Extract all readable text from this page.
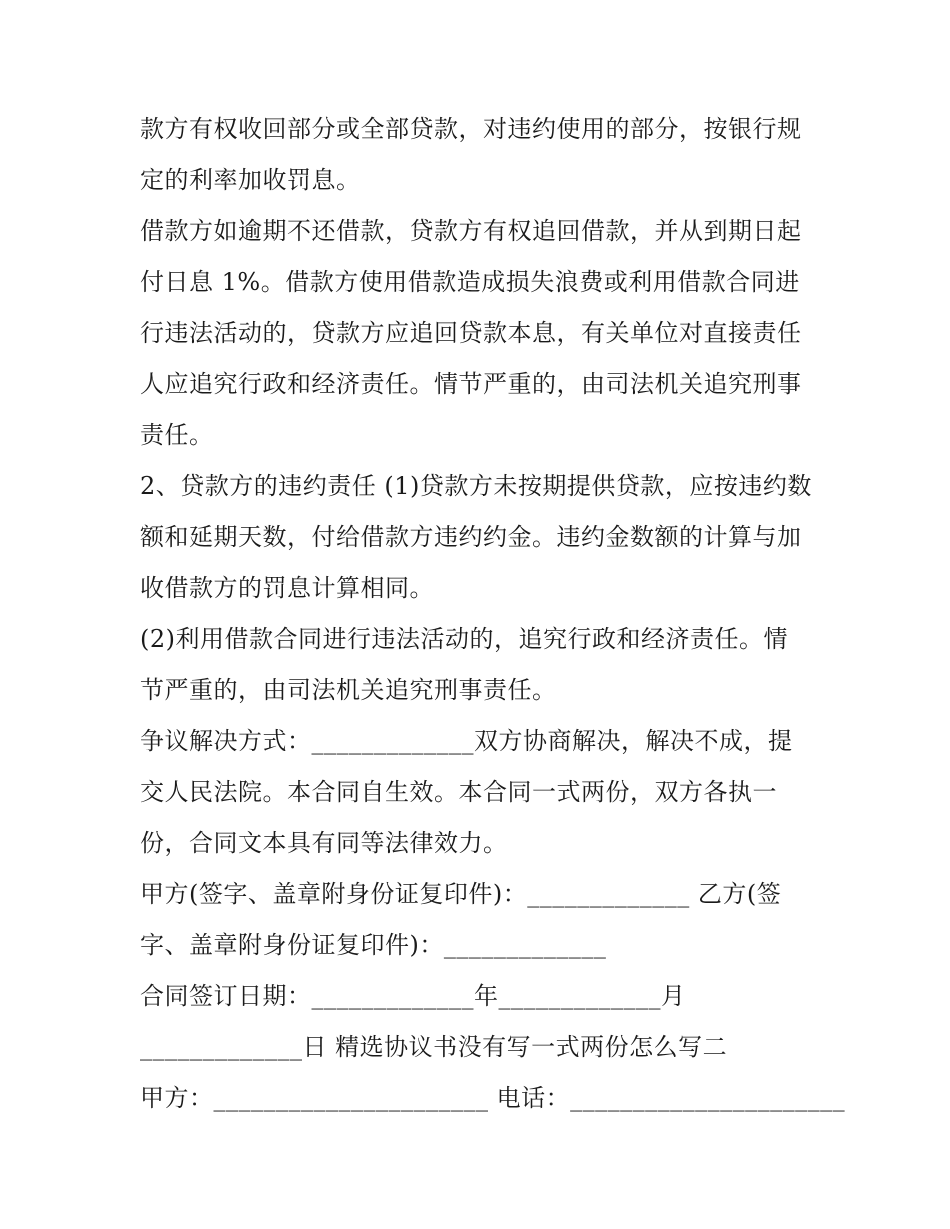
款方有权收回部分或全部贷款，对违约使用的部分，按银行规
定的利率加收罚息。
借款方如逾期不还借款，贷款方有权追回借款，并从到期日起
付日息 1%。借款方使用借款造成损失浪费或利用借款合同进
行违法活动的，贷款方应追回贷款本息，有关单位对直接责任
人应追究行政和经济责任。情节严重的，由司法机关追究刑事
责任。
2、贷款方的违约责任 (1)贷款方未按期提供贷款，应按违约数
额和延期天数，付给借款方违约约金。违约金数额的计算与加
收借款方的罚息计算相同。
(2)利用借款合同进行违法活动的，追究行政和经济责任。情
节严重的，由司法机关追究刑事责任。
争议解决方式：_____________双方协商解决，解决不成，提
交人民法院。本合同自生效。本合同一式两份，双方各执一
份，合同文本具有同等法律效力。
甲方(签字、盖章附身份证复印件)：_____________ 乙方(签
字、盖章附身份证复印件)：_____________
合同签订日期：_____________年_____________月
_____________日 精选协议书没有写一式两份怎么写二
甲方：______________________ 电话：______________________
